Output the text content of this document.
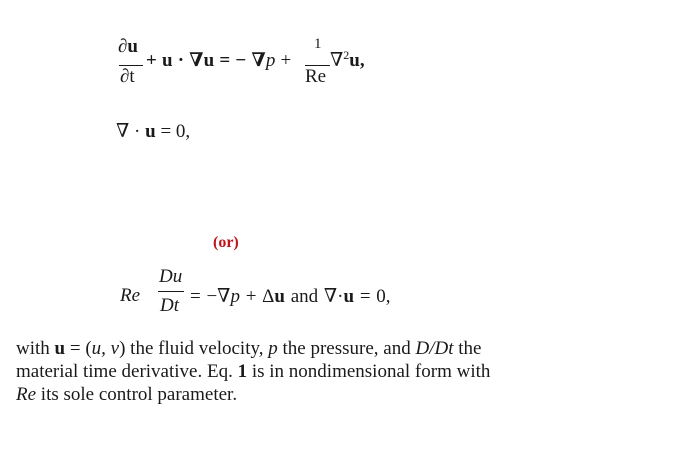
∂u
∂t
+ u · ∇u = − ∇p +
1
Re
∇$^2$u,
∇ · u = 0,
(or)
Re
Du
Dt = −∇p + Δu and ∇·u = 0,

with u = (u, v) the fluid velocity, p the pressure, and D/Dt the

material time derivative. Eq. 1 is in nondimensional form with

Re its sole control parameter.
